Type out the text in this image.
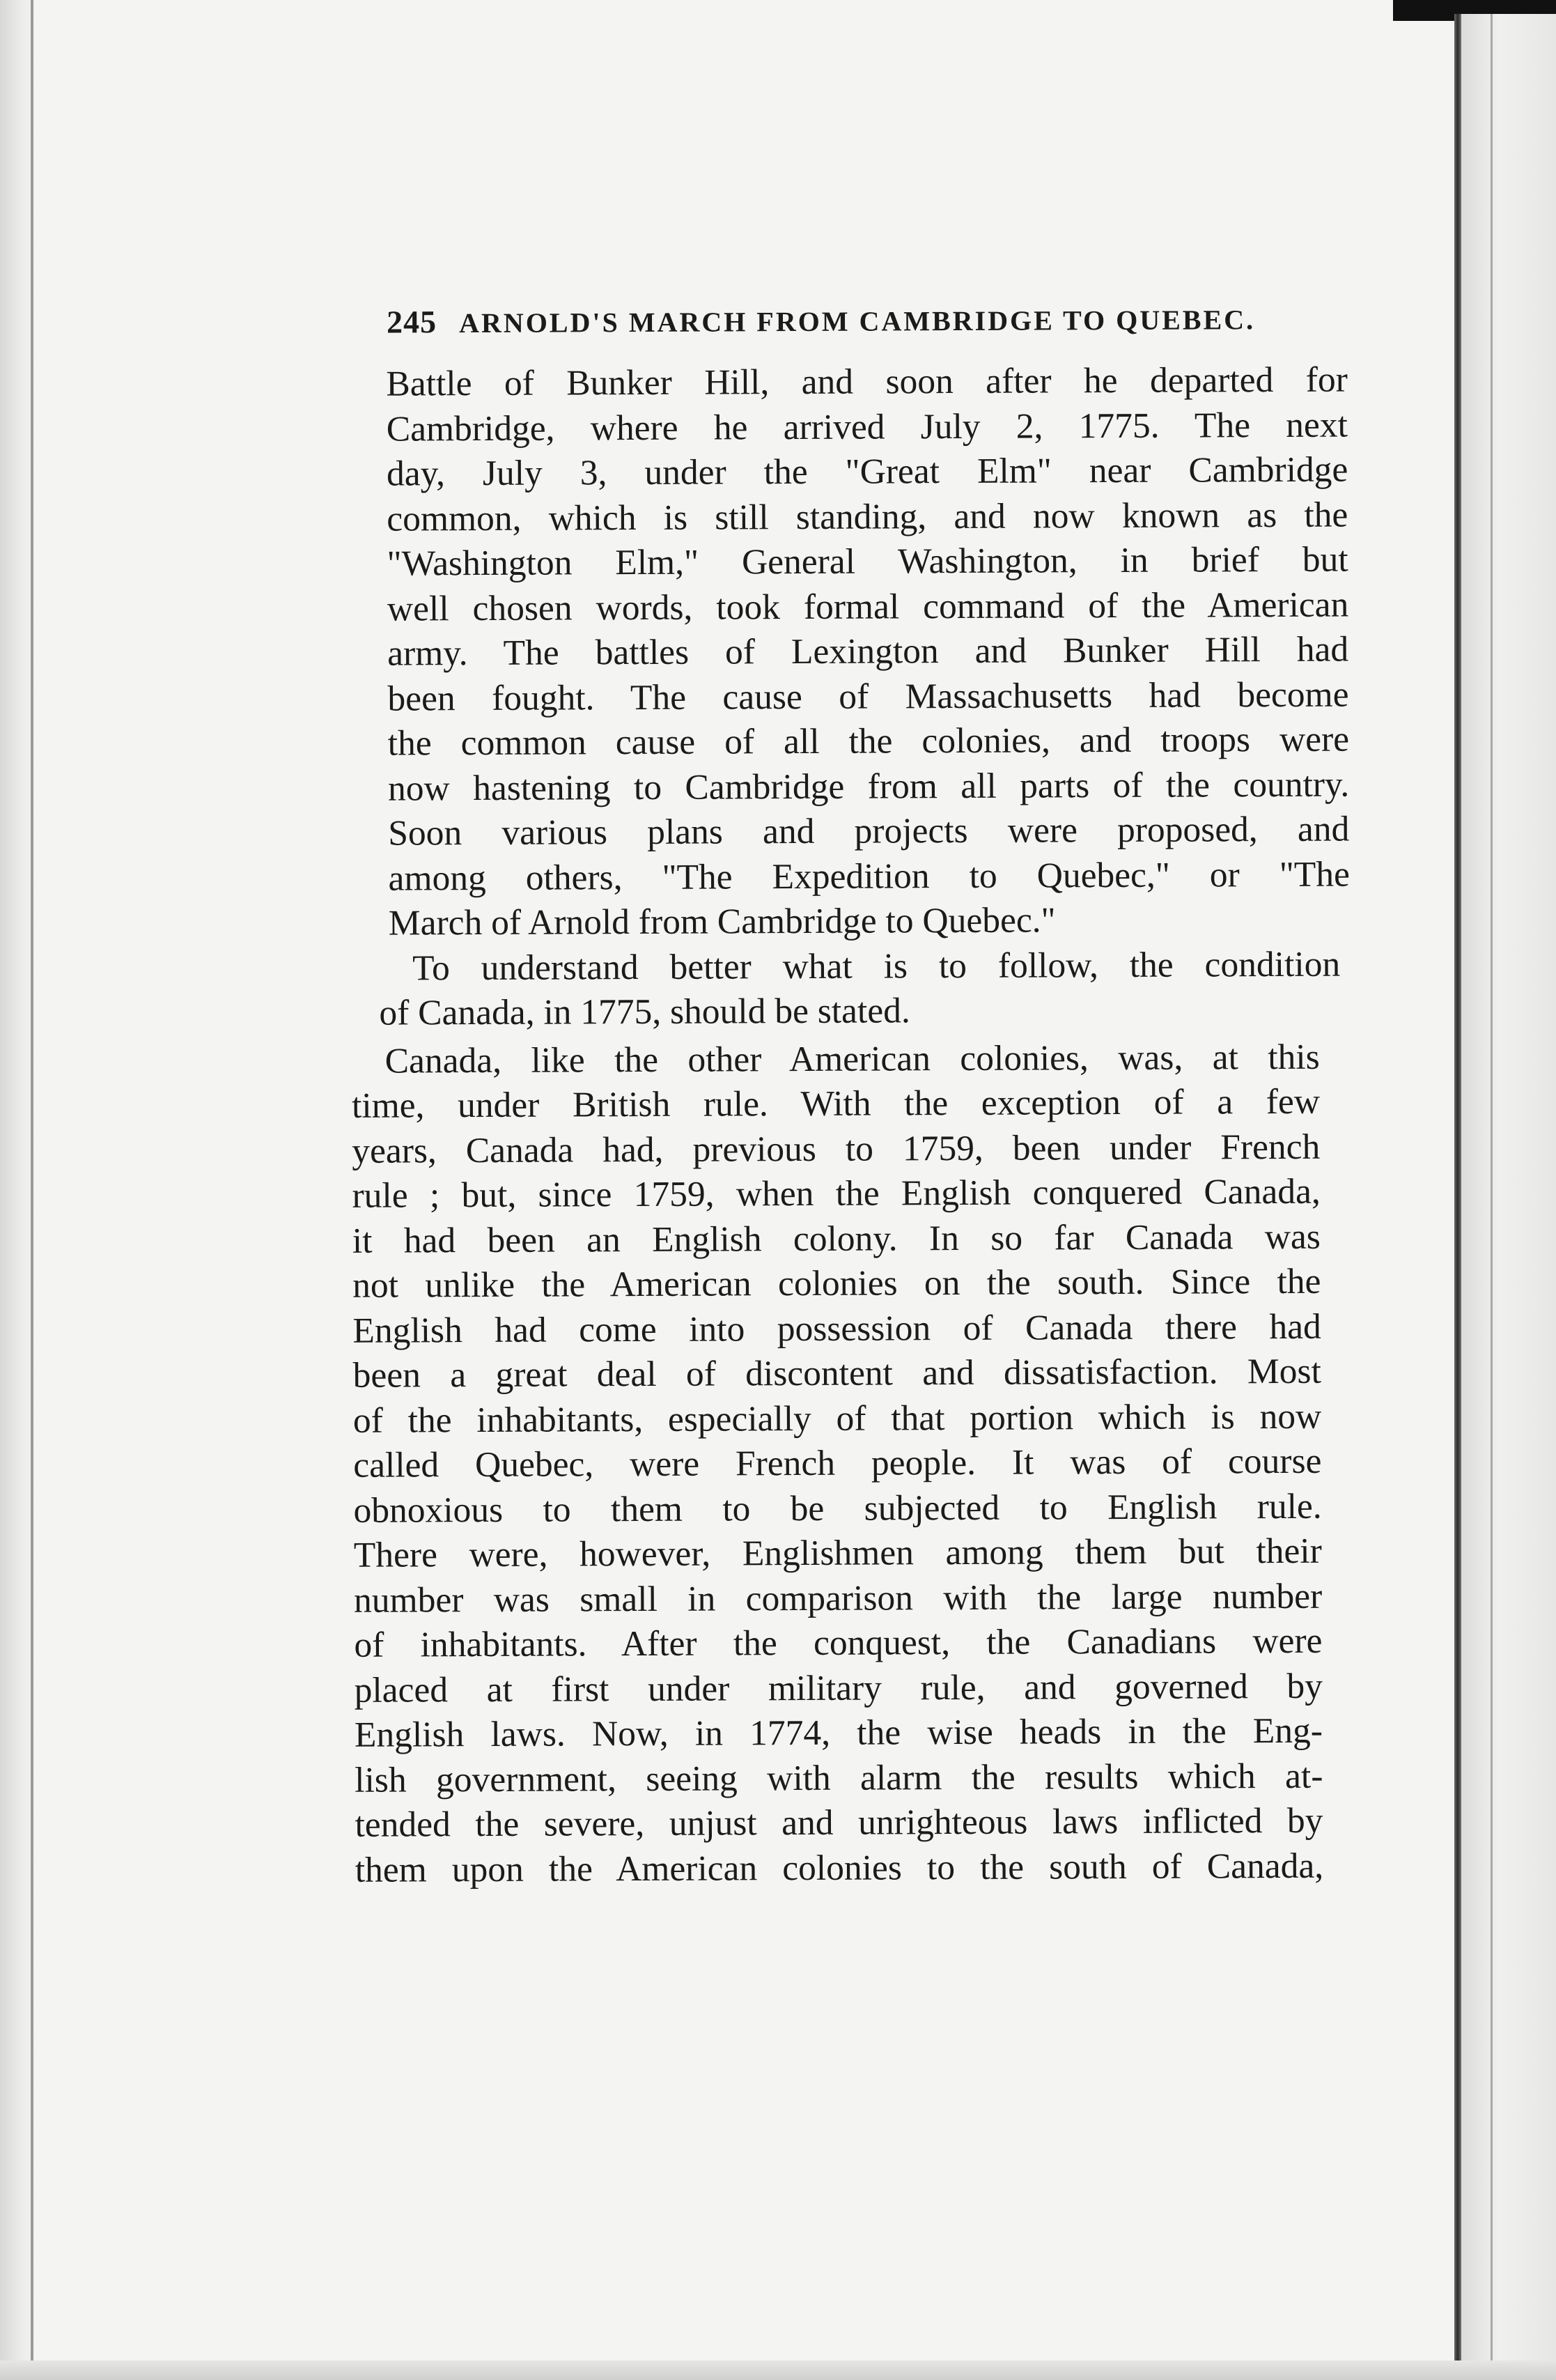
245 ARNOLD'S MARCH FROM CAMBRIDGE TO QUEBEC.
Battle of Bunker Hill, and soon after he departed for
Cambridge, where he arrived July 2, 1775. The next
day, July 3, under the "Great Elm" near Cambridge
common, which is still standing, and now known as the
"Washington Elm," General Washington, in brief but
well chosen words, took formal command of the American
army. The battles of Lexington and Bunker Hill had
been fought. The cause of Massachusetts had become
the common cause of all the colonies, and troops were
now hastening to Cambridge from all parts of the country.
Soon various plans and projects were proposed, and
among others, "The Expedition to Quebec," or "The
March of Arnold from Cambridge to Quebec."
To understand better what is to follow, the condition
of Canada, in 1775, should be stated.
Canada, like the other American colonies, was, at this
time, under British rule. With the exception of a few
years, Canada had, previous to 1759, been under French
rule ; but, since 1759, when the English conquered Canada,
it had been an English colony. In so far Canada was
not unlike the American colonies on the south. Since the
English had come into possession of Canada there had
been a great deal of discontent and dissatisfaction. Most
of the inhabitants, especially of that portion which is now
called Quebec, were French people. It was of course
obnoxious to them to be subjected to English rule.
There were, however, Englishmen among them but their
number was small in comparison with the large number
of inhabitants. After the conquest, the Canadians were
placed at first under military rule, and governed by
English laws. Now, in 1774, the wise heads in the Eng-
lish government, seeing with alarm the results which at-
tended the severe, unjust and unrighteous laws inflicted by
them upon the American colonies to the south of Canada,
